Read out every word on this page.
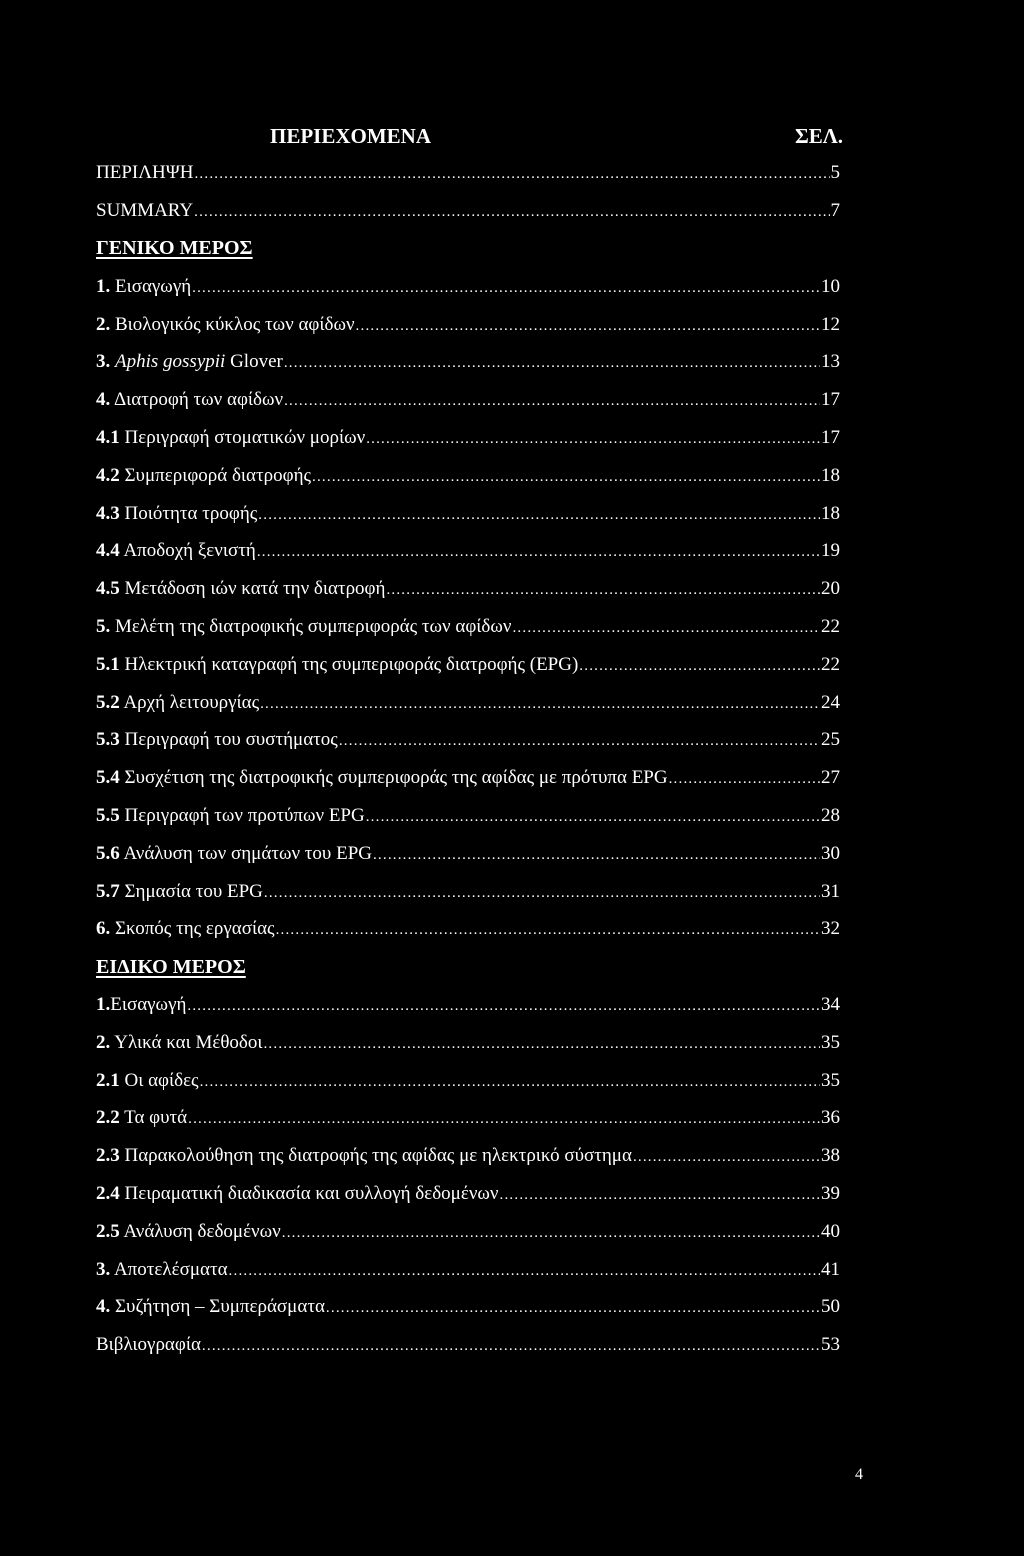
ΠΕΡΙΕΧΟΜΕΝΑ	ΣΕΛ.
ΠΕΡΙΛΗΨΗ .....	5
SUMMARY .....	7
ΓΕΝΙΚΟ ΜΕΡΟΣ
1. Εισαγωγή .....	10
2. Βιολογικός κύκλος των αφίδων .....	12
3. Aphis gossypii Glover .....	13
4. Διατροφή των αφίδων .....	17
4.1 Περιγραφή στοματικών μορίων .....	17
4.2 Συμπεριφορά διατροφής .....	18
4.3 Ποιότητα τροφής .....	18
4.4 Αποδοχή ξενιστή .....	19
4.5 Μετάδοση ιών κατά την διατροφή .....	20
5. Μελέτη της διατροφικής συμπεριφοράς των αφίδων .....	22
5.1 Ηλεκτρική καταγραφή της συμπεριφοράς διατροφής (EPG) .....	22
5.2 Αρχή λειτουργίας .....	24
5.3 Περιγραφή του συστήματος .....	25
5.4 Συσχέτιση της διατροφικής συμπεριφοράς της αφίδας με πρότυπα EPG .....	27
5.5 Περιγραφή των προτύπων EPG .....	28
5.6 Ανάλυση των σημάτων του EPG .....	30
5.7 Σημασία του EPG .....	31
6. Σκοπός της εργασίας .....	32
ΕΙΔΙΚΟ ΜΕΡΟΣ
1.Εισαγωγή .....	34
2. Υλικά και Μέθοδοι .....	35
2.1 Οι αφίδες .....	35
2.2 Τα φυτά .....	36
2.3 Παρακολούθηση της διατροφής της αφίδας με ηλεκτρικό σύστημα .....	38
2.4 Πειραματική διαδικασία και συλλογή δεδομένων .....	39
2.5 Ανάλυση δεδομένων .....	40
3. Αποτελέσματα .....	41
4. Συζήτηση – Συμπεράσματα .....	50
Βιβλιογραφία .....	53
4
